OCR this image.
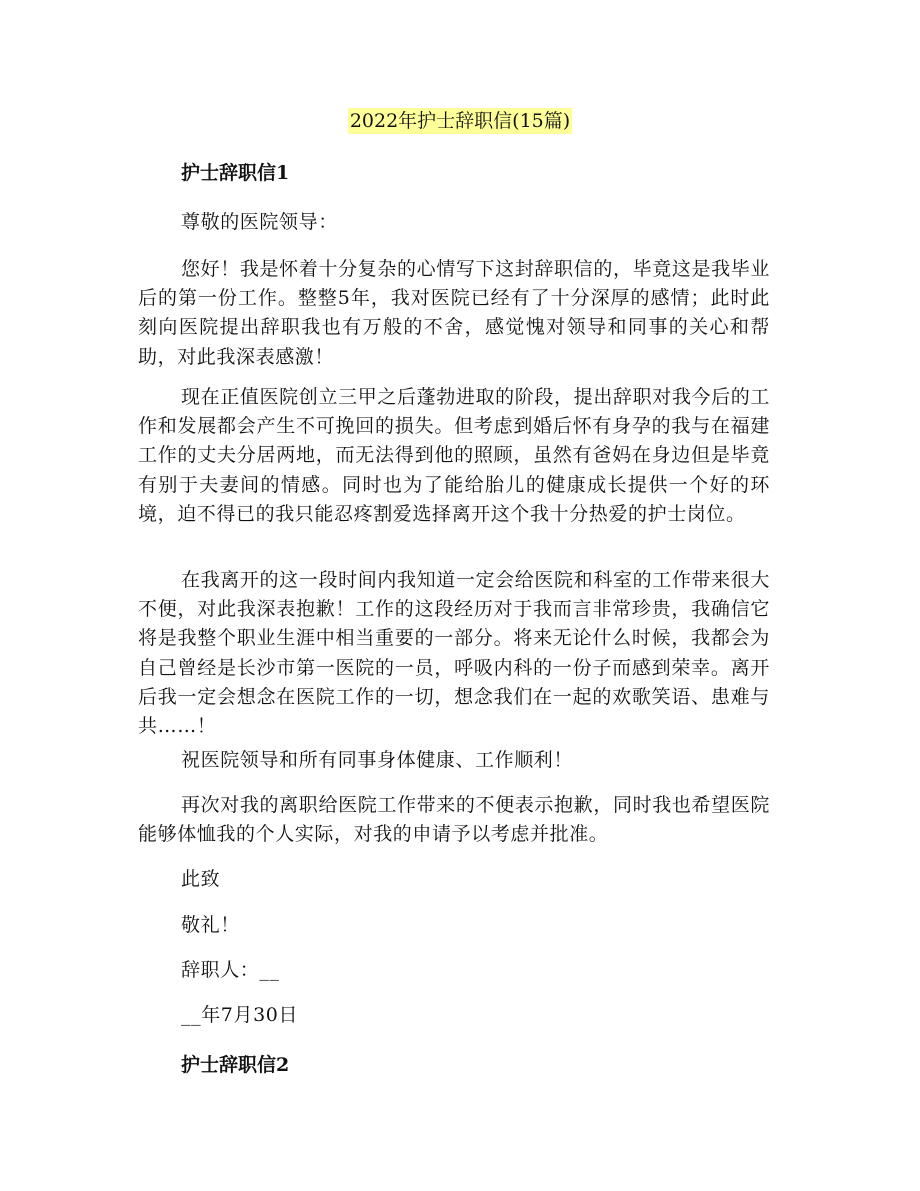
2022年护士辞职信(15篇)
护士辞职信1
尊敬的医院领导：
您好！我是怀着十分复杂的心情写下这封辞职信的，毕竟这是我毕业后的第一份工作。整整5年，我对医院已经有了十分深厚的感情；此时此刻向医院提出辞职我也有万般的不舍，感觉愧对领导和同事的关心和帮助，对此我深表感激！
现在正值医院创立三甲之后蓬勃进取的阶段，提出辞职对我今后的工作和发展都会产生不可挽回的损失。但考虑到婚后怀有身孕的我与在福建工作的丈夫分居两地，而无法得到他的照顾，虽然有爸妈在身边但是毕竟有别于夫妻间的情感。同时也为了能给胎儿的健康成长提供一个好的环境，迫不得已的我只能忍疼割爱选择离开这个我十分热爱的护士岗位。
在我离开的这一段时间内我知道一定会给医院和科室的工作带来很大不便，对此我深表抱歉！工作的这段经历对于我而言非常珍贵，我确信它将是我整个职业生涯中相当重要的一部分。将来无论什么时候，我都会为自己曾经是长沙市第一医院的一员，呼吸内科的一份子而感到荣幸。离开后我一定会想念在医院工作的一切，想念我们在一起的欢歌笑语、患难与共……！
祝医院领导和所有同事身体健康、工作顺利！
再次对我的离职给医院工作带来的不便表示抱歉，同时我也希望医院能够体恤我的个人实际，对我的申请予以考虑并批准。
此致
敬礼！
辞职人：__
__年7月30日
护士辞职信2
